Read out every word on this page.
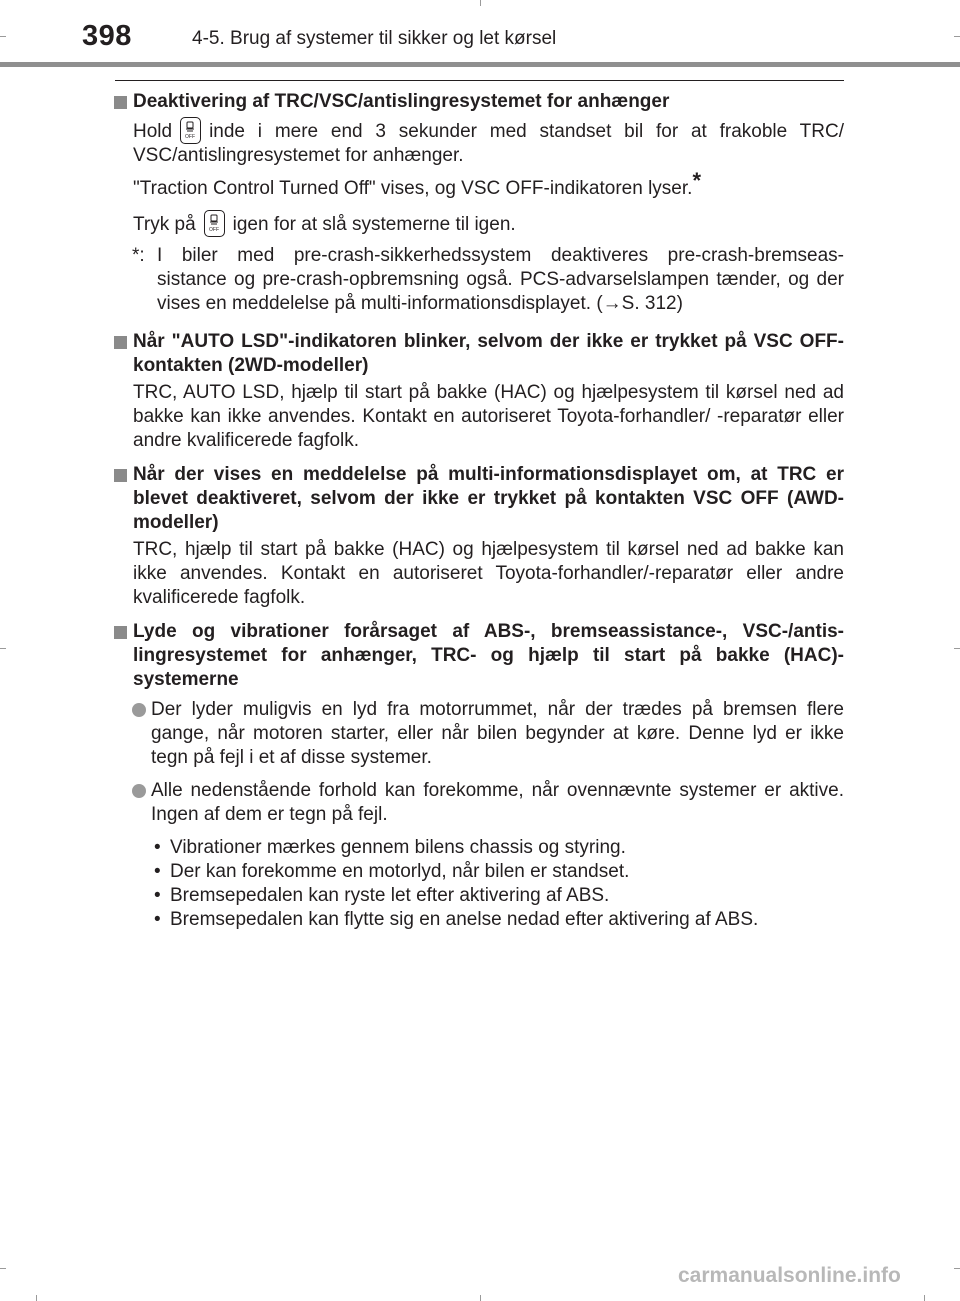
398	4-5. Brug af systemer til sikker og let kørsel
Deaktivering af TRC/VSC/antislingresystemet for anhænger
Hold	OFF inde i mere end 3 sekunder med standset bil for at frakoble TRC/ VSC/antislingresystemet for anhænger.
"Traction Control Turned Off" vises, og VSC OFF-indikatoren lyser.*
Tryk på	OFF igen for at slå systemerne til igen.
*: I biler med pre-crash-sikkerhedssystem deaktiveres pre-crash-bremseas- sistance og pre-crash-opbremsning også. PCS-advarselslampen tænder, og der vises en meddelelse på multi-informationsdisplayet. (→S. 312)
Når "AUTO LSD"-indikatoren blinker, selvom der ikke er trykket på VSC OFF-kontakten (2WD-modeller)
TRC, AUTO LSD, hjælp til start på bakke (HAC) og hjælpesystem til kørsel ned ad bakke kan ikke anvendes. Kontakt en autoriseret Toyota-forhandler/ -reparatør eller andre kvalificerede fagfolk.
Når der vises en meddelelse på multi-informationsdisplayet om, at TRC er blevet deaktiveret, selvom der ikke er trykket på kontakten VSC OFF (AWD-modeller)
TRC, hjælp til start på bakke (HAC) og hjælpesystem til kørsel ned ad bakke kan ikke anvendes. Kontakt en autoriseret Toyota-forhandler/-reparatør eller andre kvalificerede fagfolk.
Lyde og vibrationer forårsaget af ABS-, bremseassistance-, VSC-/antis- lingresystemet for anhænger, TRC- og hjælp til start på bakke (HAC)- systemerne
Der lyder muligvis en lyd fra motorrummet, når der trædes på bremsen flere gange, når motoren starter, eller når bilen begynder at køre. Denne lyd er ikke tegn på fejl i et af disse systemer.
Alle nedenstående forhold kan forekomme, når ovennævnte systemer er aktive. Ingen af dem er tegn på fejl.
• Vibrationer mærkes gennem bilens chassis og styring.
• Der kan forekomme en motorlyd, når bilen er standset.
• Bremsepedalen kan ryste let efter aktivering af ABS.
• Bremsepedalen kan flytte sig en anelse nedad efter aktivering af ABS.
carmanualsonline.info
